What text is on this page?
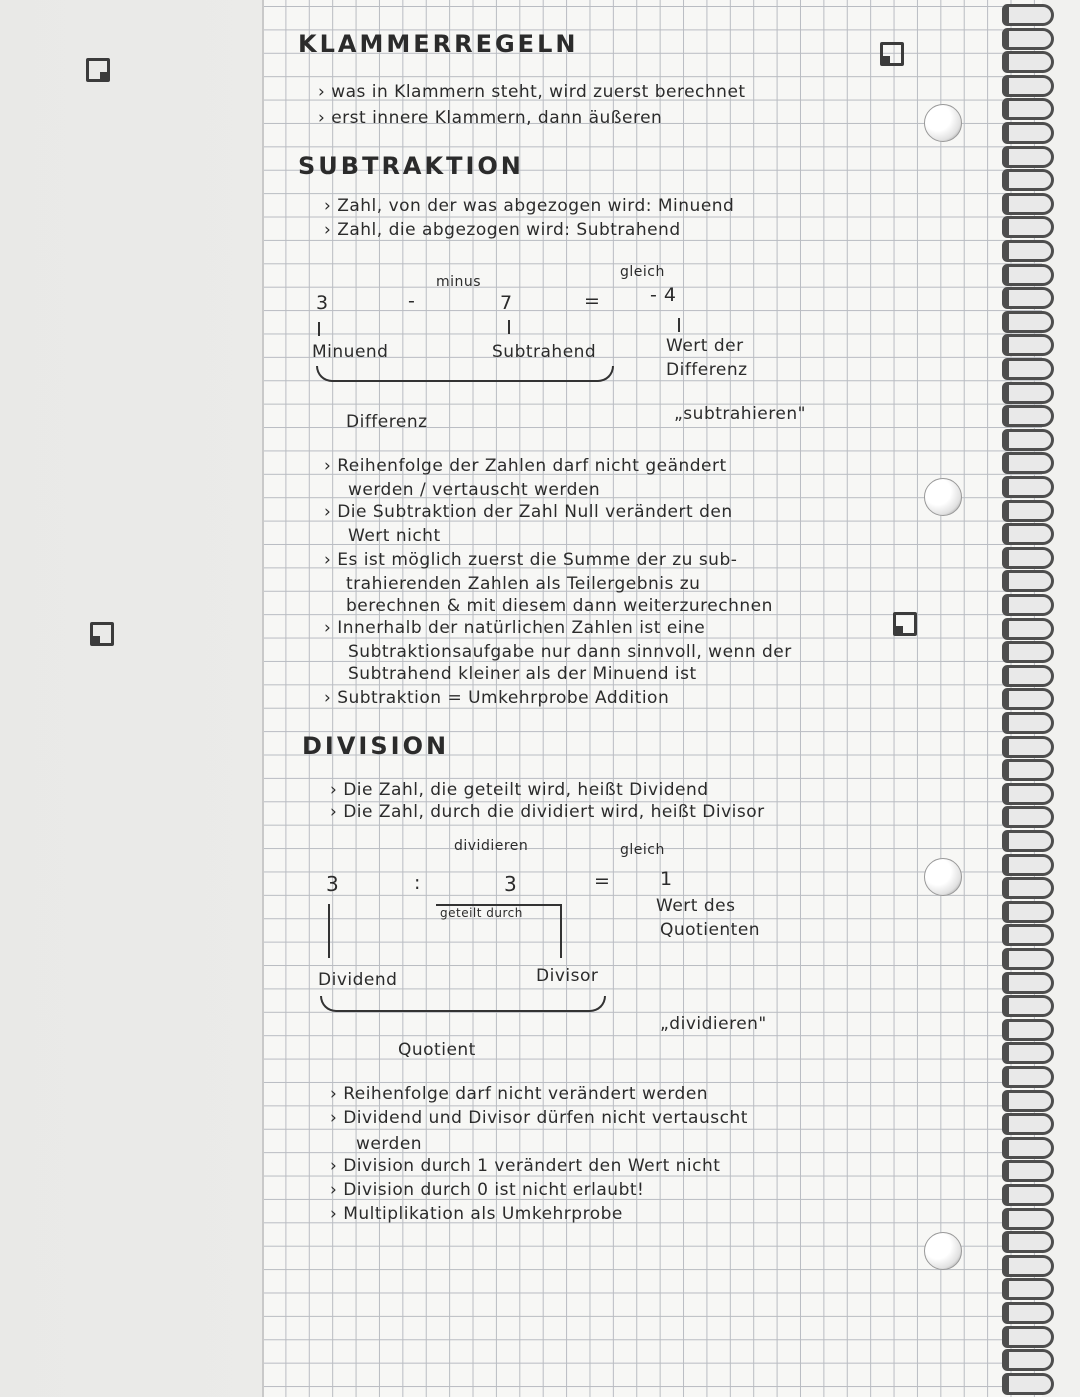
KLAMMERREGELN
› was in Klammern steht, wird zuerst berechnet
› erst innere Klammern, dann äußeren
SUBTRAKTION
› Zahl, von der was abgezogen wird: Minuend
› Zahl, die abgezogen wird: Subtrahend
minus
gleich
3	-	7	=	- 4
Minuend	Subtrahend	Wert der
Differenz
Differenz	„subtrahieren"
› Reihenfolge der Zahlen darf nicht geändert
werden / vertauscht werden
› Die Subtraktion der Zahl Null verändert den
Wert nicht
› Es ist möglich zuerst die Summe der zu sub-
trahierenden Zahlen als Teilergebnis zu
berechnen & mit diesem dann weiterzurechnen
› Innerhalb der natürlichen Zahlen ist eine
Subtraktionsaufgabe nur dann sinnvoll, wenn der
Subtrahend kleiner als der Minuend ist
› Subtraktion = Umkehrprobe Addition
DIVISION
› Die Zahl, die geteilt wird, heißt Dividend
› Die Zahl, durch die dividiert wird, heißt Divisor
dividieren	gleich
3	:	3	=	1
geteilt durch	Wert des
Quotienten
Dividend	Divisor
„dividieren"
Quotient
› Reihenfolge darf nicht verändert werden
› Dividend und Divisor dürfen nicht vertauscht
werden
› Division durch 1 verändert den Wert nicht
› Division durch 0 ist nicht erlaubt!
› Multiplikation als Umkehrprobe
